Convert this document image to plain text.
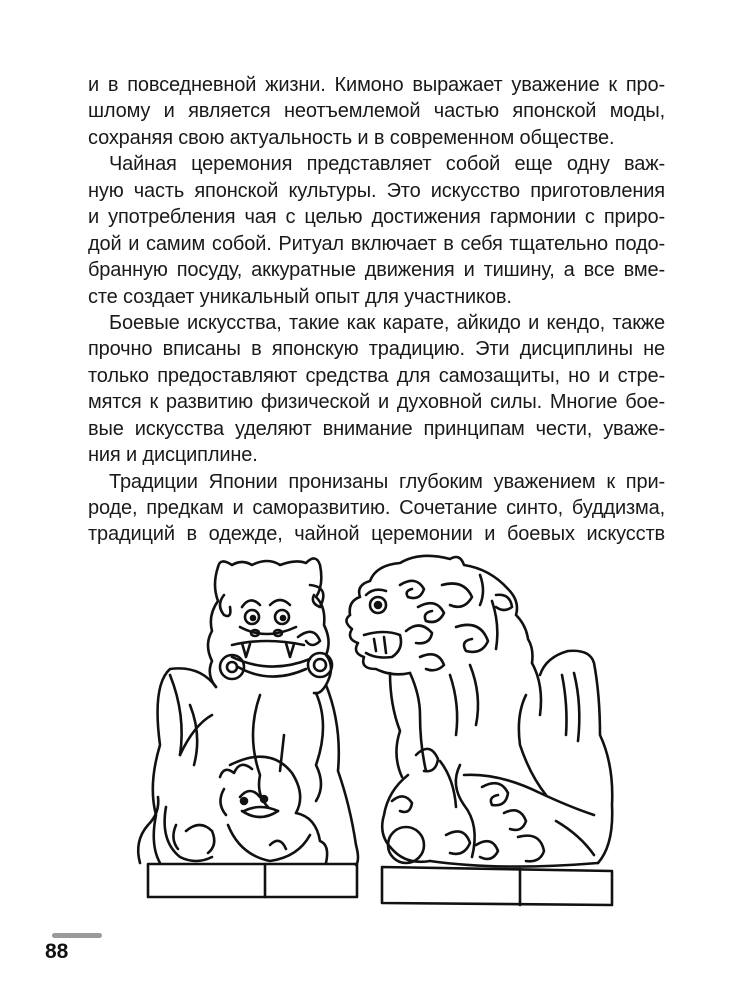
и в повседневной жизни. Кимоно выражает уважение к про-
шлому и является неотъемлемой частью японской моды,
сохраняя свою актуальность и в современном обществе.
Чайная церемония представляет собой еще одну важ-
ную часть японской культуры. Это искусство приготовления
и употребления чая с целью достижения гармонии с приро-
дой и самим собой. Ритуал включает в себя тщательно подо-
бранную посуду, аккуратные движения и тишину, а все вме-
сте создает уникальный опыт для участников.
Боевые искусства, такие как карате, айкидо и кендо, также
прочно вписаны в японскую традицию. Эти дисциплины не
только предоставляют средства для самозащиты, но и стре-
мятся к развитию физической и духовной силы. Многие бое-
вые искусства уделяют внимание принципам чести, уваже-
ния и дисциплине.
Традиции Японии пронизаны глубоким уважением к при-
роде, предкам и саморазвитию. Сочетание синто, буддизма,
традиций в одежде, чайной церемонии и боевых искусств
88
